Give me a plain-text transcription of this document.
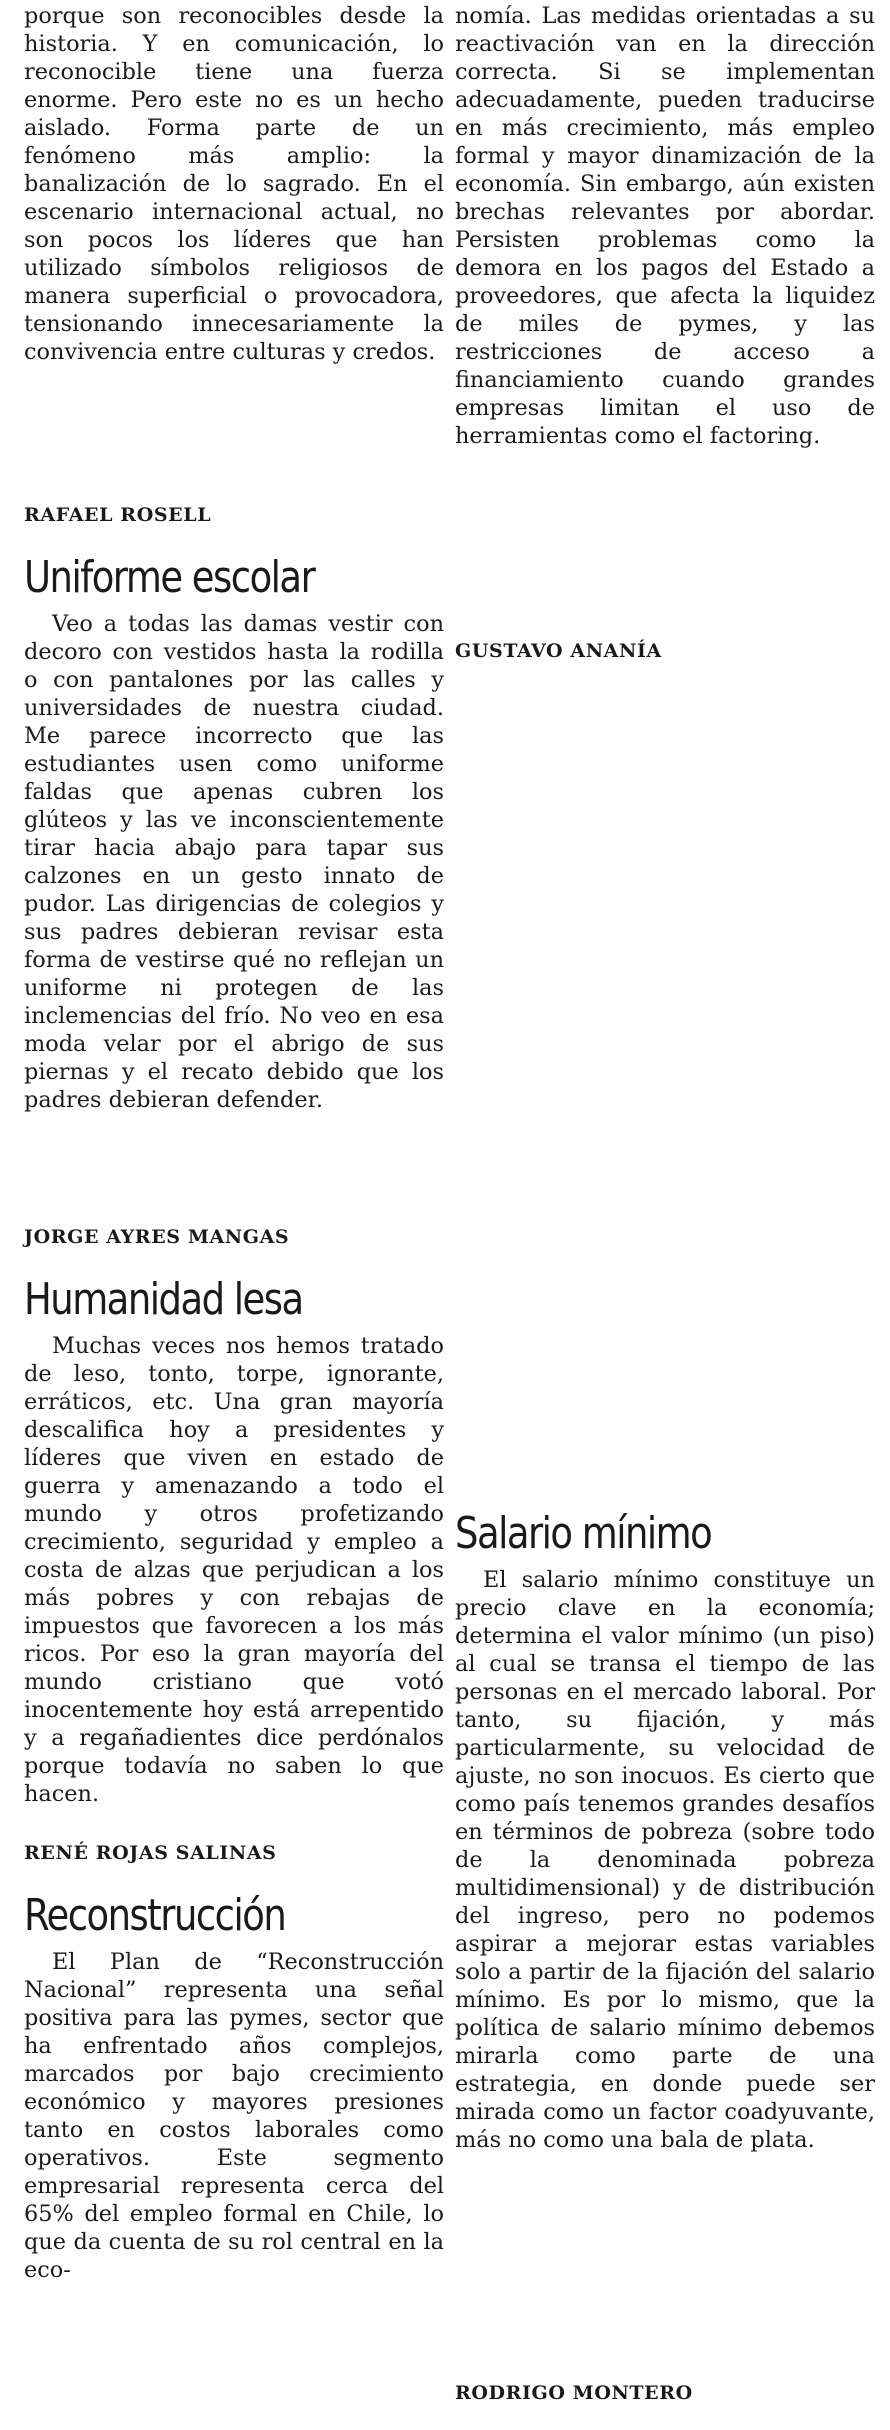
porque son reconocibles desde la historia. Y en comunicación, lo reconocible tiene una fuerza enorme. Pero este no es un hecho aislado. Forma parte de un fenómeno más amplio: la banalización de lo sagrado. En el escenario internacional actual, no son pocos los líderes que han utilizado símbolos religiosos de manera superficial o provocadora, tensionando innecesariamente la convivencia entre culturas y credos.

RAFAEL ROSELL

Uniforme escolar

Veo a todas las damas vestir con decoro con vestidos hasta la rodilla o con pantalones por las calles y universidades de nuestra ciudad. Me parece incorrecto que las estudiantes usen como uniforme faldas que apenas cubren los glúteos y las ve inconscientemente tirar hacia abajo para tapar sus calzones en un gesto innato de pudor. Las dirigencias de colegios y sus padres debieran revisar esta forma de vestirse qué no reflejan un uniforme ni protegen de las inclemencias del frío. No veo en esa moda velar por el abrigo de sus piernas y el recato debido que los padres debieran defender.

JORGE AYRES MANGAS

Humanidad lesa

Muchas veces nos hemos tratado de leso, tonto, torpe, ignorante, erráticos, etc. Una gran mayoría descalifica hoy a presidentes y líderes que viven en estado de guerra y amenazando a todo el mundo y otros profetizando crecimiento, seguridad y empleo a costa de alzas que perjudican a los más pobres y con rebajas de impuestos que favorecen a los más ricos. Por eso la gran mayoría del mundo cristiano que votó inocentemente hoy está arrepentido y a regañadientes dice perdónalos porque todavía no saben lo que hacen.

RENÉ ROJAS SALINAS

Reconstrucción

El Plan de “Reconstrucción Nacional” representa una señal positiva para las pymes, sector que ha enfrentado años complejos, marcados por bajo crecimiento económico y mayores presiones tanto en costos laborales como operativos. Este segmento empresarial representa cerca del 65% del empleo formal en Chile, lo que da cuenta de su rol central en la eco-

nomía. Las medidas orientadas a su reactivación van en la dirección correcta. Si se implementan adecuadamente, pueden traducirse en más crecimiento, más empleo formal y mayor dinamización de la economía. Sin embargo, aún existen brechas relevantes por abordar. Persisten problemas como la demora en los pagos del Estado a proveedores, que afecta la liquidez de miles de pymes, y las restricciones de acceso a financiamiento cuando grandes empresas limitan el uso de herramientas como el factoring.

GUSTAVO ANANÍA

Salario mínimo

El salario mínimo constituye un precio clave en la economía; determina el valor mínimo (un piso) al cual se transa el tiempo de las personas en el mercado laboral. Por tanto, su fijación, y más particularmente, su velocidad de ajuste, no son inocuos. Es cierto que como país tenemos grandes desafíos en términos de pobreza (sobre todo de la denominada pobreza multidimensional) y de distribución del ingreso, pero no podemos aspirar a mejorar estas variables solo a partir de la fijación del salario mínimo. Es por lo mismo, que la política de salario mínimo debemos mirarla como parte de una estrategia, en donde puede ser mirada como un factor coadyuvante, más no como una bala de plata.

RODRIGO MONTERO
